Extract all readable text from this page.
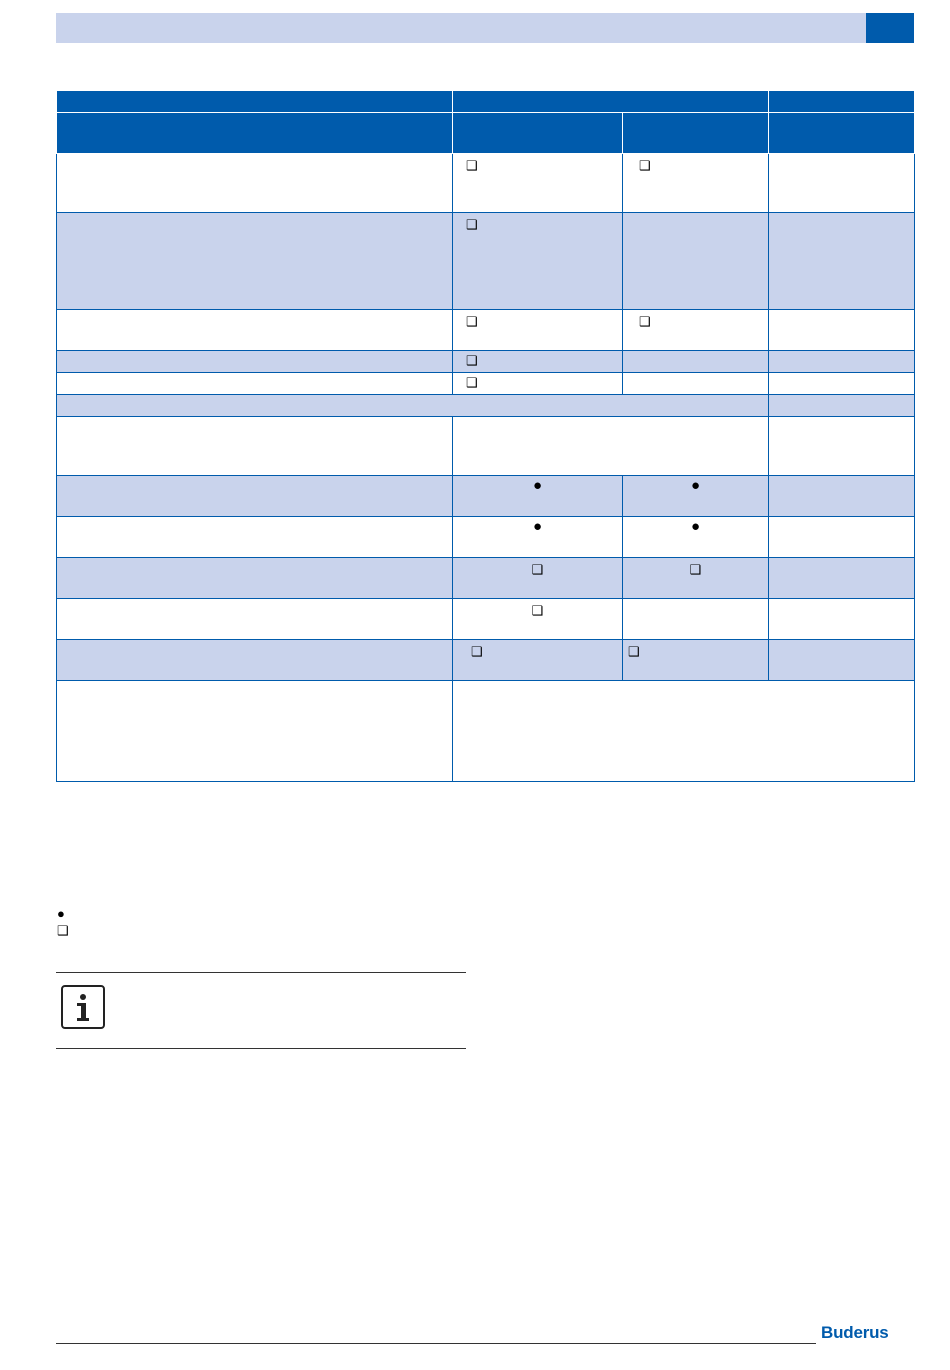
	❑	❑	

	❑		

	❑	❑	

	❑		

	❑		

	●	●	

	●	●	

	❑	❑	

	❑		

	❑	❑	

●
❑
Buderus
